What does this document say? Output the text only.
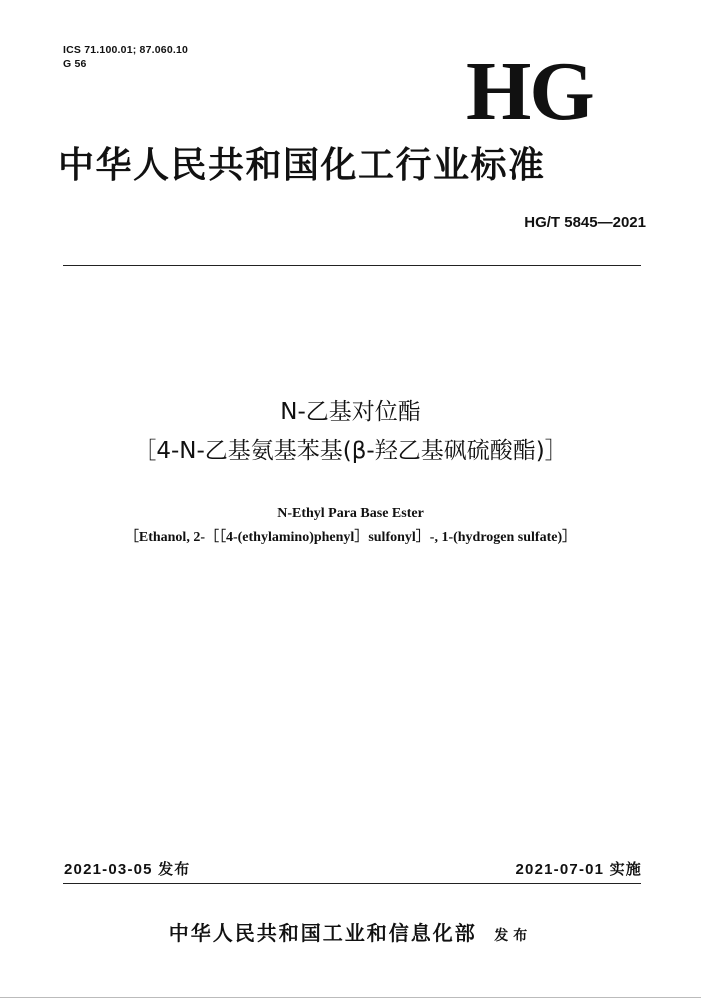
ICS 71.100.01; 87.060.10
G 56	HG
中华人民共和国化工行业标准
HG/T 5845—2021
N-乙基对位酯
［4-N-乙基氨基苯基(β-羟乙基砜硫酸酯)］
N-Ethyl Para Base Ester
［Ethanol, 2-［［4-(ethylamino)phenyl］sulfonyl］-, 1-(hydrogen sulfate)］
2021-03-05 发布	2021-07-01 实施
中华人民共和国工业和信息化部 发布
